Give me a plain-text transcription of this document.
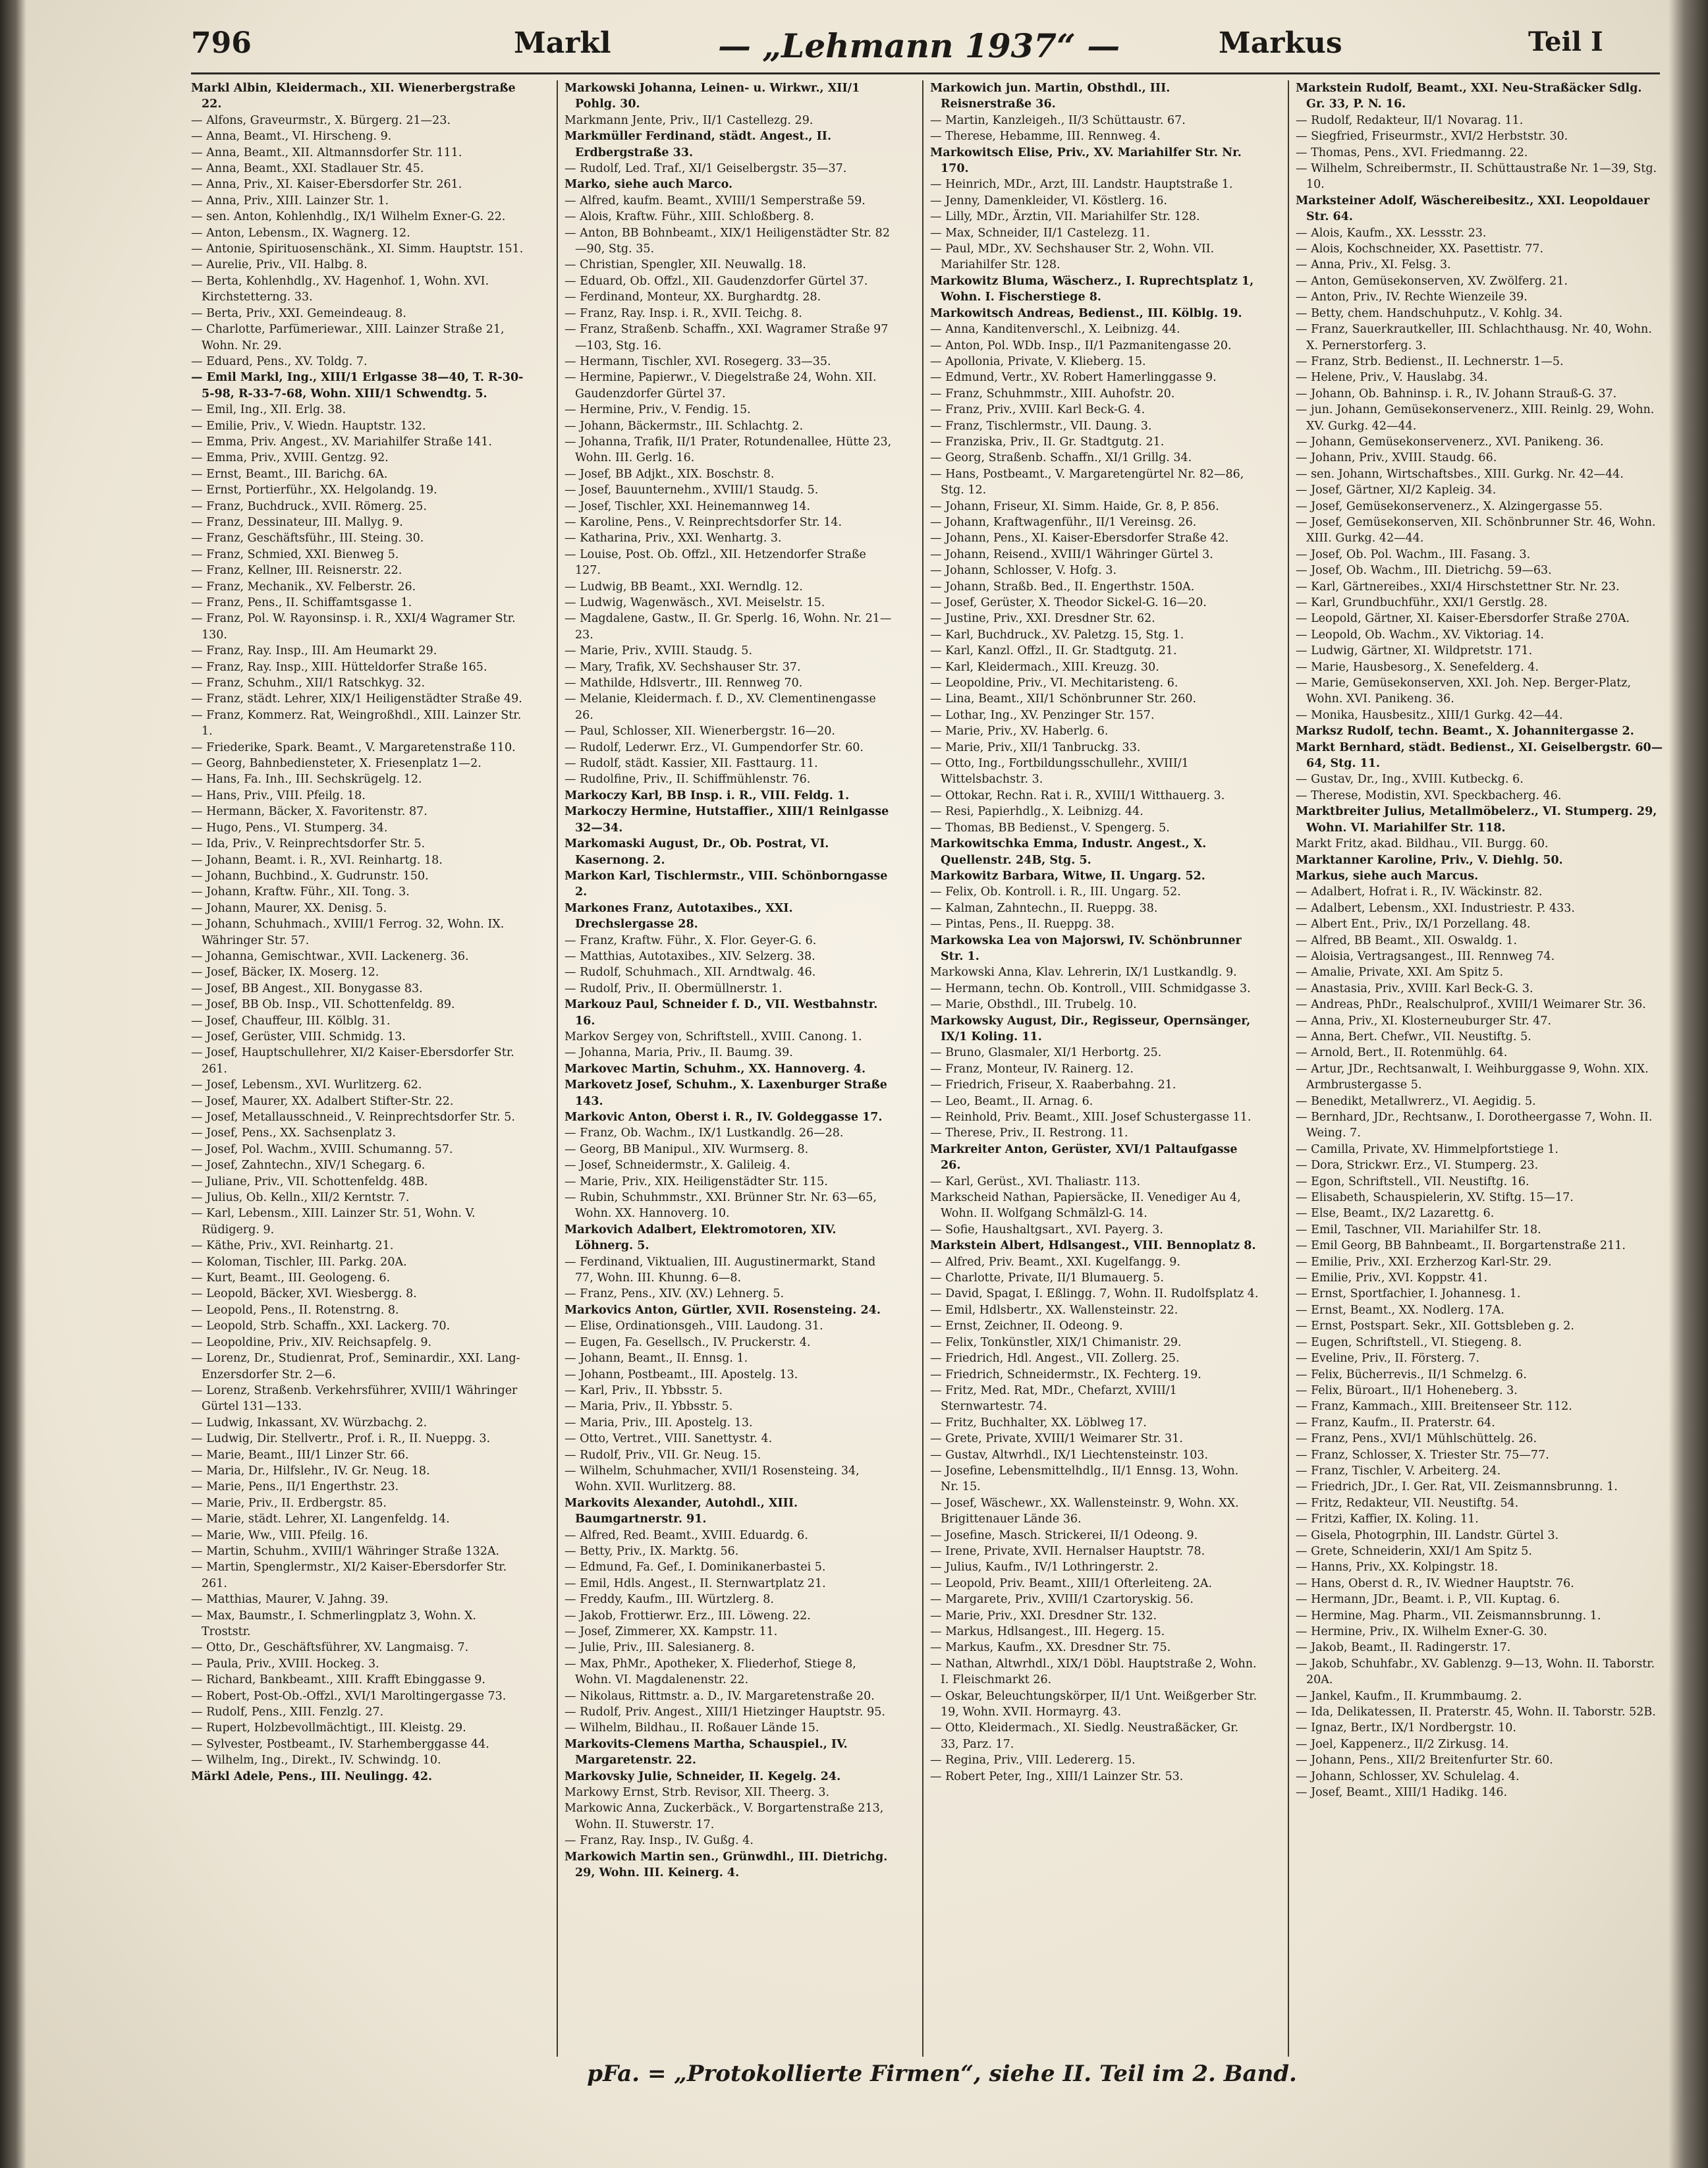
796	Markl	— „Lehmann 1937“ —	Markus	Teil I

Markl Albin, Kleidermach., XII. Wienerbergstraße 22.

— Alfons, Graveurmstr., X. Bürgerg. 21—23.

— Anna, Beamt., VI. Hirscheng. 9.

— Anna, Beamt., XII. Altmannsdorfer Str. 111.

— Anna, Beamt., XXI. Stadlauer Str. 45.

— Anna, Priv., XI. Kaiser-Ebersdorfer Str. 261.

— Anna, Priv., XIII. Lainzer Str. 1.

— sen. Anton, Kohlenhdlg., IX/1 Wilhelm Exner-G. 22.

— Anton, Lebensm., IX. Wagnerg. 12.

— Antonie, Spirituosenschänk., XI. Simm. Hauptstr. 151.

— Aurelie, Priv., VII. Halbg. 8.

— Berta, Kohlenhdlg., XV. Hagenhof. 1, Wohn. XVI. Kirchstetterng. 33.

— Berta, Priv., XXI. Gemeindeaug. 8.

— Charlotte, Parfümeriewar., XIII. Lainzer Straße 21, Wohn. Nr. 29.

— Eduard, Pens., XV. Toldg. 7.

— Emil Markl, Ing., XIII/1 Erlgasse 38—40, T. R-30-5-98, R-33-7-68, Wohn. XIII/1 Schwendtg. 5.

— Emil, Ing., XII. Erlg. 38.

— Emilie, Priv., V. Wiedn. Hauptstr. 132.

— Emma, Priv. Angest., XV. Mariahilfer Straße 141.

— Emma, Priv., XVIII. Gentzg. 92.

— Ernst, Beamt., III. Barichg. 6A.

— Ernst, Portierführ., XX. Helgolandg. 19.

— Franz, Buchdruck., XVII. Römerg. 25.

— Franz, Dessinateur, III. Mallyg. 9.

— Franz, Geschäftsführ., III. Steing. 30.

— Franz, Schmied, XXI. Bienweg 5.

— Franz, Kellner, III. Reisnerstr. 22.

— Franz, Mechanik., XV. Felberstr. 26.

— Franz, Pens., II. Schiffamtsgasse 1.

— Franz, Pol. W. Rayonsinsp. i. R., XXI/4 Wagramer Str. 130.

— Franz, Ray. Insp., III. Am Heumarkt 29.

— Franz, Ray. Insp., XIII. Hütteldorfer Straße 165.

— Franz, Schuhm., XII/1 Ratschkyg. 32.

— Franz, städt. Lehrer, XIX/1 Heiligenstädter Straße 49.

— Franz, Kommerz. Rat, Weingroßhdl., XIII. Lainzer Str. 1.

— Friederike, Spark. Beamt., V. Margaretenstraße 110.

— Georg, Bahnbediensteter, X. Friesenplatz 1—2.

— Hans, Fa. Inh., III. Sechskrügelg. 12.

— Hans, Priv., VIII. Pfeilg. 18.

— Hermann, Bäcker, X. Favoritenstr. 87.

— Hugo, Pens., VI. Stumperg. 34.

— Ida, Priv., V. Reinprechtsdorfer Str. 5.

— Johann, Beamt. i. R., XVI. Reinhartg. 18.

— Johann, Buchbind., X. Gudrunstr. 150.

— Johann, Kraftw. Führ., XII. Tong. 3.

— Johann, Maurer, XX. Denisg. 5.

— Johann, Schuhmach., XVIII/1 Ferrog. 32, Wohn. IX. Währinger Str. 57.

— Johanna, Gemischtwar., XVII. Lackenerg. 36.

— Josef, Bäcker, IX. Moserg. 12.

— Josef, BB Angest., XII. Bonygasse 83.

— Josef, BB Ob. Insp., VII. Schottenfeldg. 89.

— Josef, Chauffeur, III. Kölblg. 31.

— Josef, Gerüster, VIII. Schmidg. 13.

— Josef, Hauptschullehrer, XI/2 Kaiser-Ebersdorfer Str. 261.

— Josef, Lebensm., XVI. Wurlitzerg. 62.

— Josef, Maurer, XX. Adalbert Stifter-Str. 22.

— Josef, Metallausschneid., V. Reinprechtsdorfer Str. 5.

— Josef, Pens., XX. Sachsenplatz 3.

— Josef, Pol. Wachm., XVIII. Schumanng. 57.

— Josef, Zahntechn., XIV/1 Schegarg. 6.

— Juliane, Priv., VII. Schottenfeldg. 48B.

— Julius, Ob. Kelln., XII/2 Kerntstr. 7.

— Karl, Lebensm., XIII. Lainzer Str. 51, Wohn. V. Rüdigerg. 9.

— Käthe, Priv., XVI. Reinhartg. 21.

— Koloman, Tischler, III. Parkg. 20A.

— Kurt, Beamt., III. Geologeng. 6.

— Leopold, Bäcker, XVI. Wiesbergg. 8.

— Leopold, Pens., II. Rotenstrng. 8.

— Leopold, Strb. Schaffn., XXI. Lackerg. 70.

— Leopoldine, Priv., XIV. Reichsapfelg. 9.

— Lorenz, Dr., Studienrat, Prof., Seminardir., XXI. Lang-Enzersdorfer Str. 2—6.

— Lorenz, Straßenb. Verkehrsführer, XVIII/1 Währinger Gürtel 131—133.

— Ludwig, Inkassant, XV. Würzbachg. 2.

— Ludwig, Dir. Stellvertr., Prof. i. R., II. Nueppg. 3.

— Marie, Beamt., III/1 Linzer Str. 66.

— Maria, Dr., Hilfslehr., IV. Gr. Neug. 18.

— Marie, Pens., II/1 Engerthstr. 23.

— Marie, Priv., II. Erdbergstr. 85.

— Marie, städt. Lehrer, XI. Langenfeldg. 14.

— Marie, Ww., VIII. Pfeilg. 16.

— Martin, Schuhm., XVIII/1 Währinger Straße 132A.

— Martin, Spenglermstr., XI/2 Kaiser-Ebersdorfer Str. 261.

— Matthias, Maurer, V. Jahng. 39.

— Max, Baumstr., I. Schmerlingplatz 3, Wohn. X. Troststr.

— Otto, Dr., Geschäftsführer, XV. Langmaisg. 7.

— Paula, Priv., XVIII. Hockeg. 3.

— Richard, Bankbeamt., XIII. Krafft Ebinggasse 9.

— Robert, Post-Ob.-Offzl., XVI/1 Maroltingergasse 73.

— Rudolf, Pens., XIII. Fenzlg. 27.

— Rupert, Holzbevollmächtigt., III. Kleistg. 29.

— Sylvester, Postbeamt., IV. Starhemberggasse 44.

— Wilhelm, Ing., Direkt., IV. Schwindg. 10.

Märkl Adele, Pens., III. Neulingg. 42.

Markowski Johanna, Leinen- u. Wirkwr., XII/1 Pohlg. 30.

Markmann Jente, Priv., II/1 Castellezg. 29.

Markmüller Ferdinand, städt. Angest., II. Erdbergstraße 33.

— Rudolf, Led. Traf., XI/1 Geiselbergstr. 35—37.

Marko, siehe auch Marco.

— Alfred, kaufm. Beamt., XVIII/1 Semperstraße 59.

— Alois, Kraftw. Führ., XIII. Schloßberg. 8.

— Anton, BB Bohnbeamt., XIX/1 Heiligenstädter Str. 82—90, Stg. 35.

— Christian, Spengler, XII. Neuwallg. 18.

— Eduard, Ob. Offzl., XII. Gaudenzdorfer Gürtel 37.

— Ferdinand, Monteur, XX. Burghardtg. 28.

— Franz, Ray. Insp. i. R., XVII. Teichg. 8.

— Franz, Straßenb. Schaffn., XXI. Wagramer Straße 97—103, Stg. 16.

— Hermann, Tischler, XVI. Rosegerg. 33—35.

— Hermine, Papierwr., V. Diegelstraße 24, Wohn. XII. Gaudenzdorfer Gürtel 37.

— Hermine, Priv., V. Fendig. 15.

— Johann, Bäckermstr., III. Schlachtg. 2.

— Johanna, Trafik, II/1 Prater, Rotundenallee, Hütte 23, Wohn. III. Gerlg. 16.

— Josef, BB Adjkt., XIX. Boschstr. 8.

— Josef, Bauunternehm., XVIII/1 Staudg. 5.

— Josef, Tischler, XXI. Heinemannweg 14.

— Karoline, Pens., V. Reinprechtsdorfer Str. 14.

— Katharina, Priv., XXI. Wenhartg. 3.

— Louise, Post. Ob. Offzl., XII. Hetzendorfer Straße 127.

— Ludwig, BB Beamt., XXI. Werndlg. 12.

— Ludwig, Wagenwäsch., XVI. Meiselstr. 15.

— Magdalene, Gastw., II. Gr. Sperlg. 16, Wohn. Nr. 21—23.

— Marie, Priv., XVIII. Staudg. 5.

— Mary, Trafik, XV. Sechshauser Str. 37.

— Mathilde, Hdlsvertr., III. Rennweg 70.

— Melanie, Kleidermach. f. D., XV. Clementinengasse 26.

— Paul, Schlosser, XII. Wienerbergstr. 16—20.

— Rudolf, Lederwr. Erz., VI. Gumpendorfer Str. 60.

— Rudolf, städt. Kassier, XII. Fasttaurg. 11.

— Rudolfine, Priv., II. Schiffmühlenstr. 76.

Markoczy Karl, BB Insp. i. R., VIII. Feldg. 1.

Markoczy Hermine, Hutstaffier., XIII/1 Reinlgasse 32—34.

Markomaski August, Dr., Ob. Postrat, VI. Kasernong. 2.

Markon Karl, Tischlermstr., VIII. Schönborngasse 2.

Markones Franz, Autotaxibes., XXI. Drechslergasse 28.

— Franz, Kraftw. Führ., X. Flor. Geyer-G. 6.

— Matthias, Autotaxibes., XIV. Selzerg. 38.

— Rudolf, Schuhmach., XII. Arndtwalg. 46.

— Rudolf, Priv., II. Obermüllnerstr. 1.

Markouz Paul, Schneider f. D., VII. Westbahnstr. 16.

Markov Sergey von, Schriftstell., XVIII. Canong. 1.

— Johanna, Maria, Priv., II. Baumg. 39.

Markovec Martin, Schuhm., XX. Hannoverg. 4.

Markovetz Josef, Schuhm., X. Laxenburger Straße 143.

Markovic Anton, Oberst i. R., IV. Goldeggasse 17.

— Franz, Ob. Wachm., IX/1 Lustkandlg. 26—28.

— Georg, BB Manipul., XIV. Wurmserg. 8.

— Josef, Schneidermstr., X. Galileig. 4.

— Marie, Priv., XIX. Heiligenstädter Str. 115.

— Rubin, Schuhmmstr., XXI. Brünner Str. Nr. 63—65, Wohn. XX. Hannoverg. 10.

Markovich Adalbert, Elektromotoren, XIV. Löhnerg. 5.

— Ferdinand, Viktualien, III. Augustinermarkt, Stand 77, Wohn. III. Khunng. 6—8.

— Franz, Pens., XIV. (XV.) Lehnerg. 5.

Markovics Anton, Gürtler, XVII. Rosensteing. 24.

— Elise, Ordinationsgeh., VIII. Laudong. 31.

— Eugen, Fa. Gesellsch., IV. Pruckerstr. 4.

— Johann, Beamt., II. Ennsg. 1.

— Johann, Postbeamt., III. Apostelg. 13.

— Karl, Priv., II. Ybbsstr. 5.

— Maria, Priv., II. Ybbsstr. 5.

— Maria, Priv., III. Apostelg. 13.

— Otto, Vertret., VIII. Sanettystr. 4.

— Rudolf, Priv., VII. Gr. Neug. 15.

— Wilhelm, Schuhmacher, XVII/1 Rosensteing. 34, Wohn. XVII. Wurlitzerg. 88.

Markovits Alexander, Autohdl., XIII. Baumgartnerstr. 91.

— Alfred, Red. Beamt., XVIII. Eduardg. 6.

— Betty, Priv., IX. Marktg. 56.

— Edmund, Fa. Gef., I. Dominikanerbastei 5.

— Emil, Hdls. Angest., II. Sternwartplatz 21.

— Freddy, Kaufm., III. Würtzlerg. 8.

— Jakob, Frottierwr. Erz., III. Löweng. 22.

— Josef, Zimmerer, XX. Kampstr. 11.

— Julie, Priv., III. Salesianerg. 8.

— Max, PhMr., Apotheker, X. Fliederhof, Stiege 8, Wohn. VI. Magdalenenstr. 22.

— Nikolaus, Rittmstr. a. D., IV. Margaretenstraße 20.

— Rudolf, Priv. Angest., XIII/1 Hietzinger Hauptstr. 95.

— Wilhelm, Bildhau., II. Roßauer Lände 15.

Markovits-Clemens Martha, Schauspiel., IV. Margaretenstr. 22.

Markovsky Julie, Schneider, II. Kegelg. 24.

Markowy Ernst, Strb. Revisor, XII. Theerg. 3.

Markowic Anna, Zuckerbäck., V. Borgartenstraße 213, Wohn. II. Stuwerstr. 17.

— Franz, Ray. Insp., IV. Gußg. 4.

Markowich Martin sen., Grünwdhl., III. Dietrichg. 29, Wohn. III. Keinerg. 4.

Markowich jun. Martin, Obsthdl., III. Reisnerstraße 36.

— Martin, Kanzleigeh., II/3 Schüttaustr. 67.

— Therese, Hebamme, III. Rennweg. 4.

Markowitsch Elise, Priv., XV. Mariahilfer Str. Nr. 170.

— Heinrich, MDr., Arzt, III. Landstr. Hauptstraße 1.

— Jenny, Damenkleider, VI. Köstlerg. 16.

— Lilly, MDr., Ärztin, VII. Mariahilfer Str. 128.

— Max, Schneider, II/1 Castelezg. 11.

— Paul, MDr., XV. Sechshauser Str. 2, Wohn. VII. Mariahilfer Str. 128.

Markowitz Bluma, Wäscherz., I. Ruprechtsplatz 1, Wohn. I. Fischerstiege 8.

Markowitsch Andreas, Bedienst., III. Kölblg. 19.

— Anna, Kanditenverschl., X. Leibnizg. 44.

— Anton, Pol. WDb. Insp., II/1 Pazmanitengasse 20.

— Apollonia, Private, V. Klieberg. 15.

— Edmund, Vertr., XV. Robert Hamerlinggasse 9.

— Franz, Schuhmmstr., XIII. Auhofstr. 20.

— Franz, Priv., XVIII. Karl Beck-G. 4.

— Franz, Tischlermstr., VII. Daung. 3.

— Franziska, Priv., II. Gr. Stadtgutg. 21.

— Georg, Straßenb. Schaffn., XI/1 Grillg. 34.

— Hans, Postbeamt., V. Margaretengürtel Nr. 82—86, Stg. 12.

— Johann, Friseur, XI. Simm. Haide, Gr. 8, P. 856.

— Johann, Kraftwagenführ., II/1 Vereinsg. 26.

— Johann, Pens., XI. Kaiser-Ebersdorfer Straße 42.

— Johann, Reisend., XVIII/1 Währinger Gürtel 3.

— Johann, Schlosser, V. Hofg. 3.

— Johann, Straßb. Bed., II. Engerthstr. 150A.

— Josef, Gerüster, X. Theodor Sickel-G. 16—20.

— Justine, Priv., XXI. Dresdner Str. 62.

— Karl, Buchdruck., XV. Paletzg. 15, Stg. 1.

— Karl, Kanzl. Offzl., II. Gr. Stadtgutg. 21.

— Karl, Kleidermach., XIII. Kreuzg. 30.

— Leopoldine, Priv., VI. Mechitaristeng. 6.

— Lina, Beamt., XII/1 Schönbrunner Str. 260.

— Lothar, Ing., XV. Penzinger Str. 157.

— Marie, Priv., XV. Haberlg. 6.

— Marie, Priv., XII/1 Tanbruckg. 33.

— Otto, Ing., Fortbildungsschullehr., XVIII/1 Wittelsbachstr. 3.

— Ottokar, Rechn. Rat i. R., XVIII/1 Witthauerg. 3.

— Resi, Papierhdlg., X. Leibnizg. 44.

— Thomas, BB Bedienst., V. Spengerg. 5.

Markowitschka Emma, Industr. Angest., X. Quellenstr. 24B, Stg. 5.

Markowitz Barbara, Witwe, II. Ungarg. 52.

— Felix, Ob. Kontroll. i. R., III. Ungarg. 52.

— Kalman, Zahntechn., II. Rueppg. 38.

— Pintas, Pens., II. Rueppg. 38.

Markowska Lea von Majorswi, IV. Schönbrunner Str. 1.

Markowski Anna, Klav. Lehrerin, IX/1 Lustkandlg. 9.

— Hermann, techn. Ob. Kontroll., VIII. Schmidgasse 3.

— Marie, Obsthdl., III. Trubelg. 10.

Markowsky August, Dir., Regisseur, Opernsänger, IX/1 Koling. 11.

— Bruno, Glasmaler, XI/1 Herbortg. 25.

— Franz, Monteur, IV. Rainerg. 12.

— Friedrich, Friseur, X. Raaberbahng. 21.

— Leo, Beamt., II. Arnag. 6.

— Reinhold, Priv. Beamt., XIII. Josef Schustergasse 11.

— Therese, Priv., II. Restrong. 11.

Markreiter Anton, Gerüster, XVI/1 Paltaufgasse 26.

— Karl, Gerüst., XVI. Thaliastr. 113.

Markscheid Nathan, Papiersäcke, II. Venediger Au 4, Wohn. II. Wolfgang Schmälzl-G. 14.

— Sofie, Haushaltgsart., XVI. Payerg. 3.

Markstein Albert, Hdlsangest., VIII. Bennoplatz 8.

— Alfred, Priv. Beamt., XXI. Kugelfangg. 9.

— Charlotte, Private, II/1 Blumauerg. 5.

— David, Spagat, I. Eßlingg. 7, Wohn. II. Rudolfsplatz 4.

— Emil, Hdlsbertr., XX. Wallensteinstr. 22.

— Ernst, Zeichner, II. Odeong. 9.

— Felix, Tonkünstler, XIX/1 Chimanistr. 29.

— Friedrich, Hdl. Angest., VII. Zollerg. 25.

— Friedrich, Schneidermstr., IX. Fechterg. 19.

— Fritz, Med. Rat, MDr., Chefarzt, XVIII/1 Sternwartestr. 74.

— Fritz, Buchhalter, XX. Löblweg 17.

— Grete, Private, XVIII/1 Weimarer Str. 31.

— Gustav, Altwrhdl., IX/1 Liechtensteinstr. 103.

— Josefine, Lebensmittelhdlg., II/1 Ennsg. 13, Wohn. Nr. 15.

— Josef, Wäschewr., XX. Wallensteinstr. 9, Wohn. XX. Brigittenauer Lände 36.

— Josefine, Masch. Strickerei, II/1 Odeong. 9.

— Irene, Private, XVII. Hernalser Hauptstr. 78.

— Julius, Kaufm., IV/1 Lothringerstr. 2.

— Leopold, Priv. Beamt., XIII/1 Ofterleiteng. 2A.

— Margarete, Priv., XVIII/1 Czartoryskig. 56.

— Marie, Priv., XXI. Dresdner Str. 132.

— Markus, Hdlsangest., III. Hegerg. 15.

— Markus, Kaufm., XX. Dresdner Str. 75.

— Nathan, Altwrhdl., XIX/1 Döbl. Hauptstraße 2, Wohn. I. Fleischmarkt 26.

— Oskar, Beleuchtungskörper, II/1 Unt. Weißgerber Str. 19, Wohn. XVII. Hormayrg. 43.

— Otto, Kleidermach., XI. Siedlg. Neustraßäcker, Gr. 33, Parz. 17.

— Regina, Priv., VIII. Ledererg. 15.

— Robert Peter, Ing., XIII/1 Lainzer Str. 53.

Markstein Rudolf, Beamt., XXI. Neu-Straßäcker Sdlg. Gr. 33, P. N. 16.

— Rudolf, Redakteur, II/1 Novarag. 11.

— Siegfried, Friseurmstr., XVI/2 Herbststr. 30.

— Thomas, Pens., XVI. Friedmanng. 22.

— Wilhelm, Schreibermstr., II. Schüttaustraße Nr. 1—39, Stg. 10.

Marksteiner Adolf, Wäschereibesitz., XXI. Leopoldauer Str. 64.

— Alois, Kaufm., XX. Lessstr. 23.

— Alois, Kochschneider, XX. Pasettistr. 77.

— Anna, Priv., XI. Felsg. 3.

— Anton, Gemüsekonserven, XV. Zwölferg. 21.

— Anton, Priv., IV. Rechte Wienzeile 39.

— Betty, chem. Handschuhputz., V. Kohlg. 34.

— Franz, Sauerkrautkeller, III. Schlachthausg. Nr. 40, Wohn. X. Pernerstorferg. 3.

— Franz, Strb. Bedienst., II. Lechnerstr. 1—5.

— Helene, Priv., V. Hauslabg. 34.

— Johann, Ob. Bahninsp. i. R., IV. Johann Strauß-G. 37.

— jun. Johann, Gemüsekonservenerz., XIII. Reinlg. 29, Wohn. XV. Gurkg. 42—44.

— Johann, Gemüsekonservenerz., XVI. Panikeng. 36.

— Johann, Priv., XVIII. Staudg. 66.

— sen. Johann, Wirtschaftsbes., XIII. Gurkg. Nr. 42—44.

— Josef, Gärtner, XI/2 Kapleig. 34.

— Josef, Gemüsekonservenerz., X. Alzingergasse 55.

— Josef, Gemüsekonserven, XII. Schönbrunner Str. 46, Wohn. XIII. Gurkg. 42—44.

— Josef, Ob. Pol. Wachm., III. Fasang. 3.

— Josef, Ob. Wachm., III. Dietrichg. 59—63.

— Karl, Gärtnereibes., XXI/4 Hirschstettner Str. Nr. 23.

— Karl, Grundbuchführ., XXI/1 Gerstlg. 28.

— Leopold, Gärtner, XI. Kaiser-Ebersdorfer Straße 270A.

— Leopold, Ob. Wachm., XV. Viktoriag. 14.

— Ludwig, Gärtner, XI. Wildpretstr. 171.

— Marie, Hausbesorg., X. Senefelderg. 4.

— Marie, Gemüsekonserven, XXI. Joh. Nep. Berger-Platz, Wohn. XVI. Panikeng. 36.

— Monika, Hausbesitz., XIII/1 Gurkg. 42—44.

Marksz Rudolf, techn. Beamt., X. Johannitergasse 2.

Markt Bernhard, städt. Bedienst., XI. Geiselbergstr. 60—64, Stg. 11.

— Gustav, Dr., Ing., XVIII. Kutbeckg. 6.

— Therese, Modistin, XVI. Speckbacherg. 46.

Marktbreiter Julius, Metallmöbelerz., VI. Stumperg. 29, Wohn. VI. Mariahilfer Str. 118.

Markt Fritz, akad. Bildhau., VII. Burgg. 60.

Marktanner Karoline, Priv., V. Diehlg. 50.

Markus, siehe auch Marcus.

— Adalbert, Hofrat i. R., IV. Wäckinstr. 82.

— Adalbert, Lebensm., XXI. Industriestr. P. 433.

— Albert Ent., Priv., IX/1 Porzellang. 48.

— Alfred, BB Beamt., XII. Oswaldg. 1.

— Aloisia, Vertragsangest., III. Rennweg 74.

— Amalie, Private, XXI. Am Spitz 5.

— Anastasia, Priv., XVIII. Karl Beck-G. 3.

— Andreas, PhDr., Realschulprof., XVIII/1 Weimarer Str. 36.

— Anna, Priv., XI. Klosterneuburger Str. 47.

— Anna, Bert. Chefwr., VII. Neustiftg. 5.

— Arnold, Bert., II. Rotenmühlg. 64.

— Artur, JDr., Rechtsanwalt, I. Weihburggasse 9, Wohn. XIX. Armbrustergasse 5.

— Benedikt, Metallwrerz., VI. Aegidig. 5.

— Bernhard, JDr., Rechtsanw., I. Dorotheergasse 7, Wohn. II. Weing. 7.

— Camilla, Private, XV. Himmelpfortstiege 1.

— Dora, Strickwr. Erz., VI. Stumperg. 23.

— Egon, Schriftstell., VII. Neustiftg. 16.

— Elisabeth, Schauspielerin, XV. Stiftg. 15—17.

— Else, Beamt., IX/2 Lazarettg. 6.

— Emil, Taschner, VII. Mariahilfer Str. 18.

— Emil Georg, BB Bahnbeamt., II. Borgartenstraße 211.

— Emilie, Priv., XXI. Erzherzog Karl-Str. 29.

— Emilie, Priv., XVI. Koppstr. 41.

— Ernst, Sportfachier, I. Johannesg. 1.

— Ernst, Beamt., XX. Nodlerg. 17A.

— Ernst, Postspart. Sekr., XII. Gottsbleben g. 2.

— Eugen, Schriftstell., VI. Stiegeng. 8.

— Eveline, Priv., II. Försterg. 7.

— Felix, Bücherrevis., II/1 Schmelzg. 6.

— Felix, Büroart., II/1 Hoheneberg. 3.

— Franz, Kammach., XIII. Breitenseer Str. 112.

— Franz, Kaufm., II. Praterstr. 64.

— Franz, Pens., XVI/1 Mühlschüttelg. 26.

— Franz, Schlosser, X. Triester Str. 75—77.

— Franz, Tischler, V. Arbeiterg. 24.

— Friedrich, JDr., I. Ger. Rat, VII. Zeismannsbrunng. 1.

— Fritz, Redakteur, VII. Neustiftg. 54.

— Fritzi, Kaffier, IX. Koling. 11.

— Gisela, Photogrphin, III. Landstr. Gürtel 3.

— Grete, Schneiderin, XXI/1 Am Spitz 5.

— Hanns, Priv., XX. Kolpingstr. 18.

— Hans, Oberst d. R., IV. Wiedner Hauptstr. 76.

— Hermann, JDr., Beamt. i. P., VII. Kuptag. 6.

— Hermine, Mag. Pharm., VII. Zeismannsbrunng. 1.

— Hermine, Priv., IX. Wilhelm Exner-G. 30.

— Jakob, Beamt., II. Radingerstr. 17.

— Jakob, Schuhfabr., XV. Gablenzg. 9—13, Wohn. II. Taborstr. 20A.

— Jankel, Kaufm., II. Krummbaumg. 2.

— Ida, Delikatessen, II. Praterstr. 45, Wohn. II. Taborstr. 52B.

— Ignaz, Bertr., IX/1 Nordbergstr. 10.

— Joel, Kappenerz., II/2 Zirkusg. 14.

— Johann, Pens., XII/2 Breitenfurter Str. 60.

— Johann, Schlosser, XV. Schulelag. 4.

— Josef, Beamt., XIII/1 Hadikg. 146.

pFa. = „Protokollierte Firmen“, siehe II. Teil im 2. Band.
